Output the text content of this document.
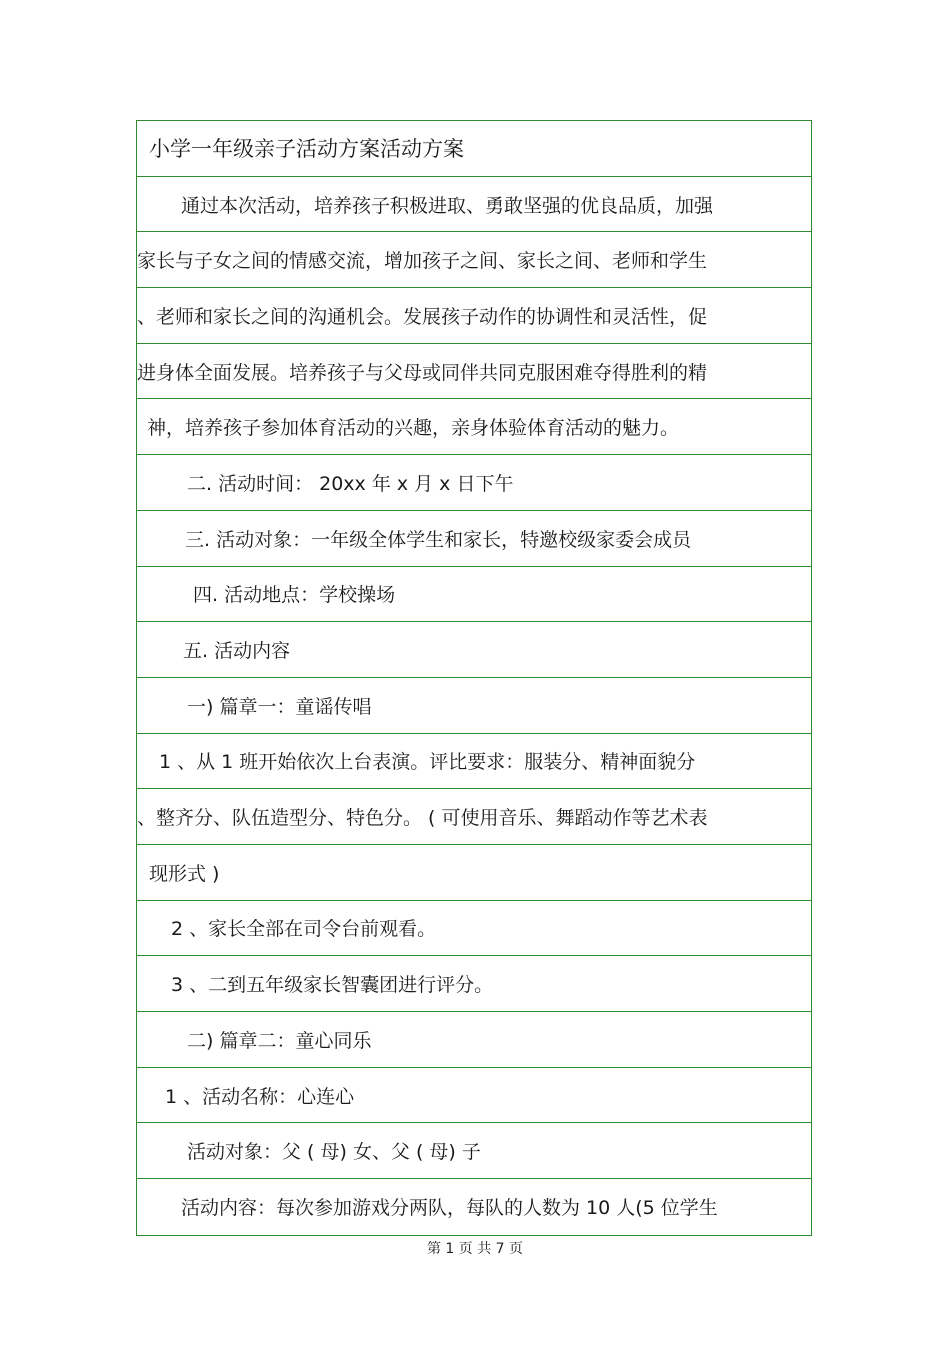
小学一年级亲子活动方案活动方案
通过本次活动，培养孩子积极进取、勇敢坚强的优良品质，加强
家长与子女之间的情感交流，增加孩子之间、家长之间、老师和学生
、老师和家长之间的沟通机会。发展孩子动作的协调性和灵活性，促
进身体全面发展。培养孩子与父母或同伴共同克服困难夺得胜利的精
神，培养孩子参加体育活动的兴趣，亲身体验体育活动的魅力。
二. 活动时间： 20xx 年 x 月 x 日下午
三. 活动对象：一年级全体学生和家长，特邀校级家委会成员
四. 活动地点：学校操场
五. 活动内容
一) 篇章一：童谣传唱
1 、从 1 班开始依次上台表演。评比要求：服装分、精神面貌分
、整齐分、队伍造型分、特色分。 ( 可使用音乐、舞蹈动作等艺术表
现形式 )
2 、家长全部在司令台前观看。
3 、二到五年级家长智囊团进行评分。
二) 篇章二：童心同乐
1 、活动名称：心连心
活动对象：父 ( 母) 女、父 ( 母) 子
活动内容：每次参加游戏分两队，每队的人数为 10 人(5 位学生
第 1 页 共 7 页
